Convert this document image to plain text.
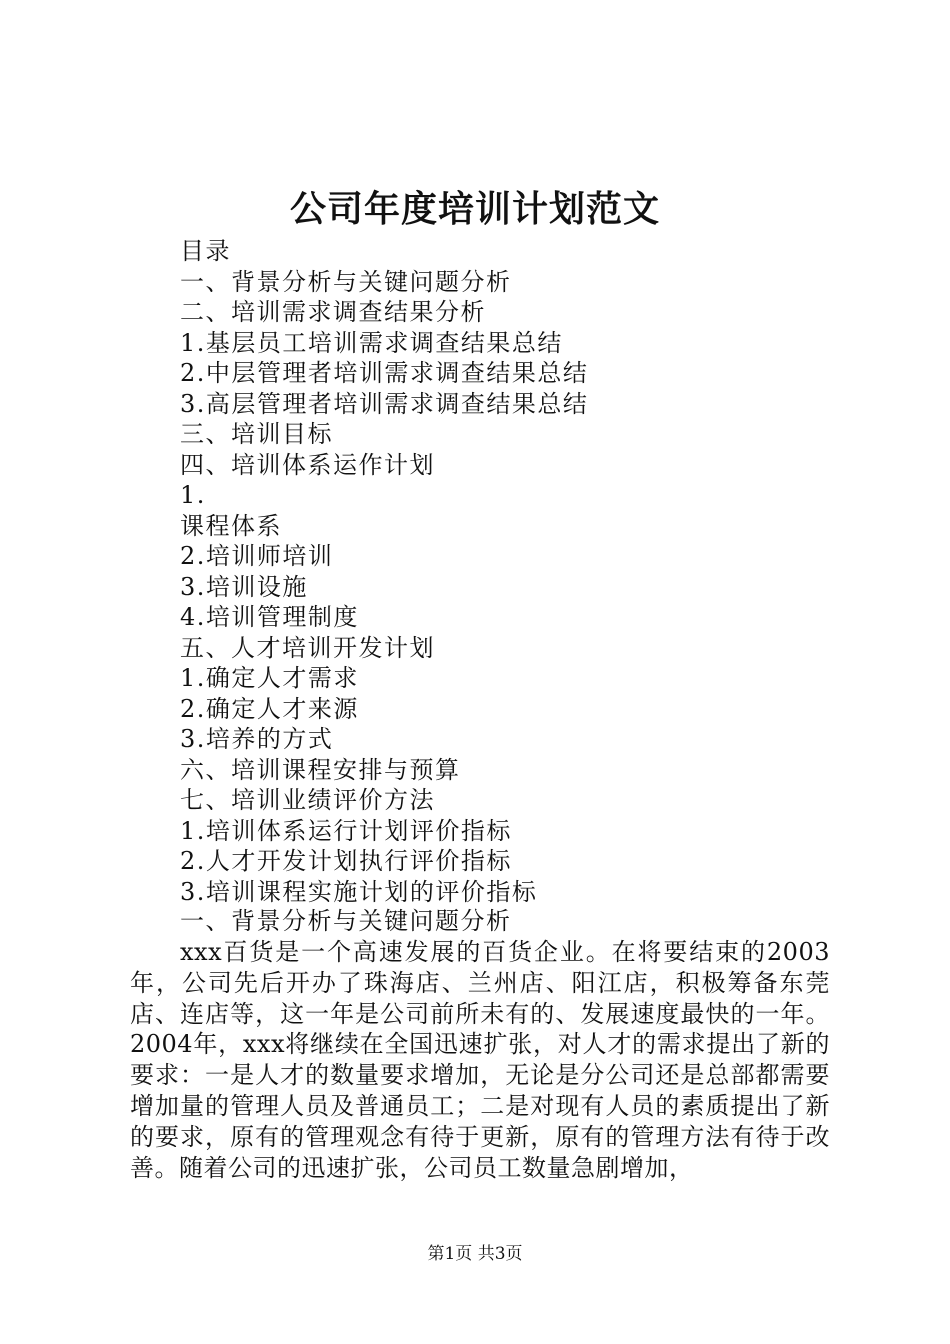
公司年度培训计划范文
目录
一、背景分析与关键问题分析
二、培训需求调查结果分析
1.基层员工培训需求调查结果总结
2.中层管理者培训需求调查结果总结
3.高层管理者培训需求调查结果总结
三、培训目标
四、培训体系运作计划
1.
课程体系
2.培训师培训
3.培训设施
4.培训管理制度
五、人才培训开发计划
1.确定人才需求
2.确定人才来源
3.培养的方式
六、培训课程安排与预算
七、培训业绩评价方法
1.培训体系运行计划评价指标
2.人才开发计划执行评价指标
3.培训课程实施计划的评价指标
一、背景分析与关键问题分析

xxx百货是一个高速发展的百货企业。在将要结束的2003年，公司先后开办了珠海店、兰州店、阳江店，积极筹备东莞店、连店等，这一年是公司前所未有的、发展速度最快的一年。2004年，xxx将继续在全国迅速扩张，对人才的需求提出了新的要求：一是人才的数量要求增加，无论是分公司还是总部都需要增加量的管理人员及普通员工；二是对现有人员的素质提出了新的要求，原有的管理观念有待于更新，原有的管理方法有待于改善。随着公司的迅速扩张，公司员工数量急剧增加，

第1页 共3页
